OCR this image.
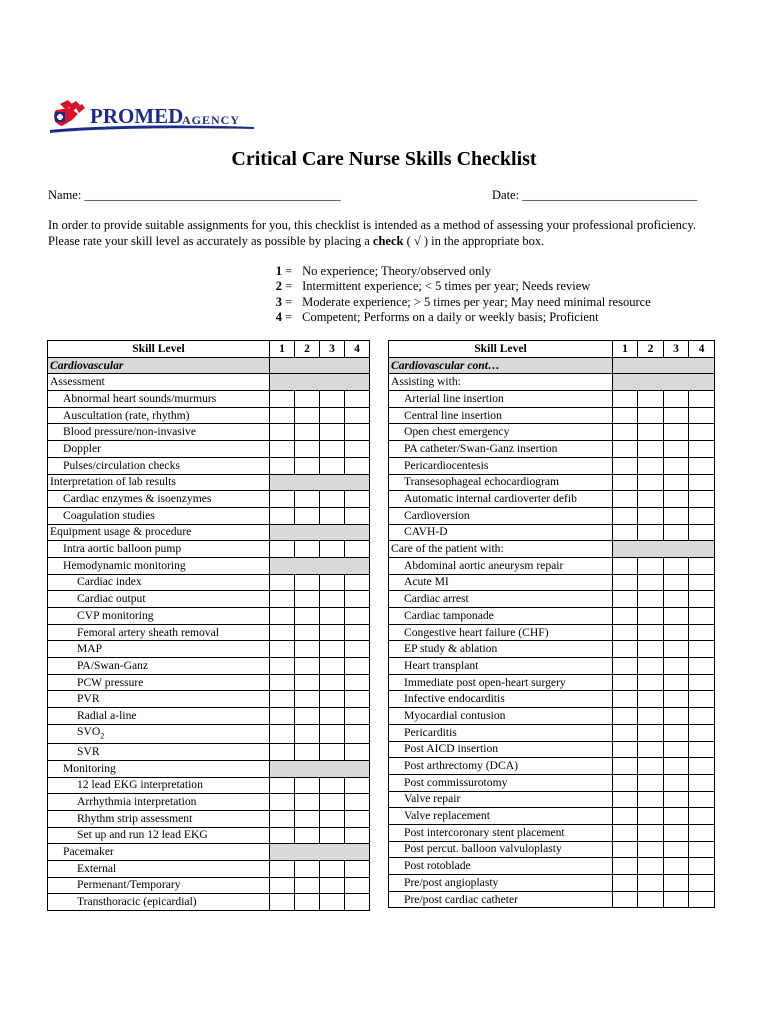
PROMED
AGENCY
Critical Care Nurse Skills Checklist
Name: _________________________________________	Date: ____________________________
In order to provide suitable assignments for you, this checklist is intended as a method of assessing your professional proficiency. Please rate your skill level as accurately as possible by placing a check ( √ ) in the appropriate box.
1 = No experience; Theory/observed only
2 = Intermittent experience; < 5 times per year; Needs review
3 = Moderate experience; > 5 times per year; May need minimal resource
4 = Competent; Performs on a daily or weekly basis; Proficient
Skill Level	1	2	3	4
Cardiovascular				
Assessment				
Abnormal heart sounds/murmurs				
Auscultation (rate, rhythm)				
Blood pressure/non-invasive				
Doppler				
Pulses/circulation checks				
Interpretation of lab results				
Cardiac enzymes & isoenzymes				
Coagulation studies				
Equipment usage & procedure				
Intra aortic balloon pump				
Hemodynamic monitoring				
Cardiac index				
Cardiac output				
CVP monitoring				
Femoral artery sheath removal				
MAP				
PA/Swan-Ganz				
PCW pressure				
PVR				
Radial a-line				
$SVO_2$				
SVR				
Monitoring				
12 lead EKG interpretation				
Arrhythmia interpretation				
Rhythm strip assessment				
Set up and run 12 lead EKG				
Pacemaker				
External				
Permenant/Temporary				
Transthoracic (epicardial)				
Skill Level	1	2	3	4
Cardiovascular cont…				
Assisting with:				
Arterial line insertion				
Central line insertion				
Open chest emergency				
PA catheter/Swan-Ganz insertion				
Pericardiocentesis				
Transesophageal echocardiogram				
Automatic internal cardioverter defib				
Cardioversion				
CAVH-D				
Care of the patient with:				
Abdominal aortic aneurysm repair				
Acute MI				
Cardiac arrest				
Cardiac tamponade				
Congestive heart failure (CHF)				
EP study & ablation				
Heart transplant				
Immediate post open-heart surgery				
Infective endocarditis				
Myocardial contusion				
Pericarditis				
Post AICD insertion				
Post arthrectomy (DCA)				
Post commissurotomy				
Valve repair				
Valve replacement				
Post intercoronary stent placement				
Post percut. balloon valvuloplasty				
Post rotoblade				
Pre/post angioplasty				
Pre/post cardiac catheter				
